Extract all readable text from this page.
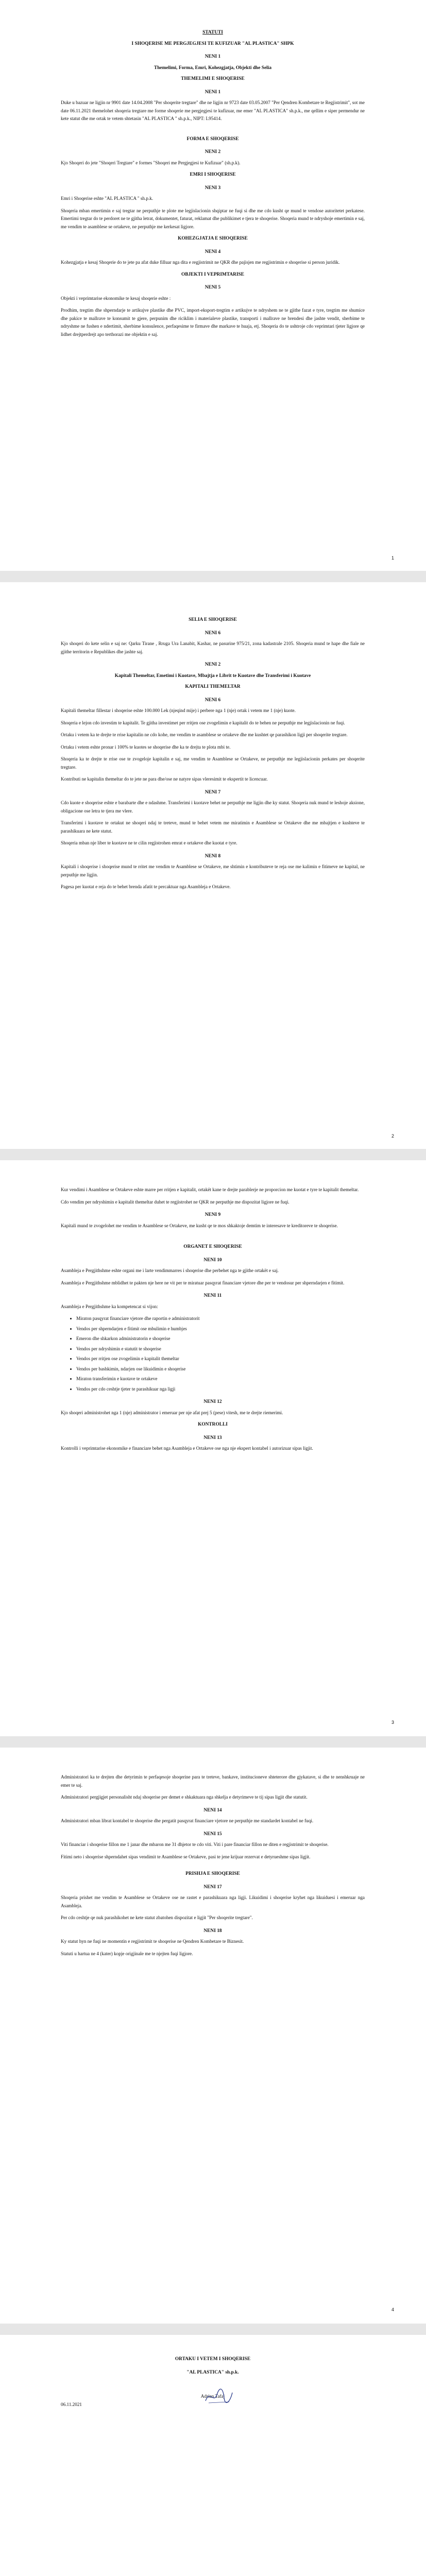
STATUTI
I SHOQERISE ME PERGJEGJESI TE KUFIZUAR "AL PLASTICA" SHPK
NENI 1
Themelimi, Forma, Emri, Kohezgjatja, Objekti dhe Selia
THEMELIMI E SHOQERISE
NENI 1

Duke u bazuar ne ligjin nr 9901 date 14.04.2008 "Per shoqerite tregtare" dhe ne ligjin nr 9723 date 03.05.2007 "Per Qendren Kombetare te Regjistrimit", sot me date 06.11.2021 themelohet shoqeria tregtare me forme shoqerie me pergjegjesi te kufizuar, me emer "AL PLASTICA" sh.p.k., me qellim e siper permendur ne kete statut dhe me ortak te vetem shtetasin "AL PLASTICA " sh.p.k., NIPT: L95414.

FORMA E SHOQERISE
NENI 2

Kjo Shoqeri do jete "Shoqeri Tregtare" e formes "Shoqeri me Pergjegjesi te Kufizuar" (sh.p.k).

EMRI I SHOQERISE
NENI 3

Emri i Shoqerise eshte "AL PLASTICA " sh.p.k.

Shoqeria mban emertimin e saj tregtar ne perputhje te plote me legjislacionin shqiptar ne fuqi si dhe me cdo kusht qe mund te vendose autoritetet perkatese. Emertimi tregtar do te perdoret ne te gjitha letrat, dokumentet, faturat, reklamat dhe publikimet e tjera te shoqerise. Shoqeria mund te ndryshoje emertimin e saj, me vendim te asamblese se ortakeve, ne perputhje me kerkesat ligjore.

KOHEZGJATJA E SHOQERISE
NENI 4

Kohezgjatja e kesaj Shoqerie do te jete pa afat duke filluar nga dita e regjistrimit ne QKR dhe pajisjen me regjistrimin e shoqerise si person juridik.

OBJEKTI I VEPRIMTARISE
NENI 5

Objekti i veprimtarise ekonomike te kesaj shoqerie eshte :

Prodhim, tregtim dhe shperndarje te artikujve plastike dhe PVC, import-eksport-tregtim e artikujve te ndryshem ne te gjithe fazat e tyre, tregtim me shumice dhe pakice te mallrave te konsumit te gjere, perpunim dhe riciklim i materialeve plastike, transporti i mallrave ne brendesi dhe jashte vendit, sherbime te ndryshme ne fushen e ndertimit, sherbime konsulence, perfaqesime te firmave dhe markave te huaja, etj. Shoqeria do te ushtroje cdo veprimtari tjeter ligjore qe lidhet drejtperdrejt apo terthorazi me objektin e saj.

1
SELIA E SHOQERISE
NENI 6

Kjo shoqeri do kete selin e saj ne: Qarku Tirane , Rruga Ura Lanabit, Kashar, ne pasurine 975/21, zona kadastrale 2105. Shoqeria mund te hape dhe fiale ne gjithe territorin e Republikes dhe jashte saj.

NENI 2
Kapitali Themeltar, Emetimi i Kuotave, Mbajtja e Librit te Kuotave dhe Transferimi i Kuotave
KAPITALI THEMELTAR
NENI 6

Kapitali themeltar fillestar i shoqerise eshte 100.000 Lek (njeqind mije) i perbere nga 1 (nje) ortak i vetem me 1 (nje) kuote.

Shoqeria e lejon cdo investim te kapitalit. Te gjitha investimet per rritjen ose zvogelimin e kapitalit do te behen ne perputhje me legjislacionin ne fuqi.

Ortaku i vetem ka te drejte te rrise kapitalin ne cdo kohe, me vendim te asamblese se ortakeve dhe me kushtet qe parashikon ligji per shoqerite tregtare.

Ortaku i vetem eshte pronar i 100% te kuotes se shoqerise dhe ka te drejta te plota mbi te.

Shoqeria ka te drejte te rrise ose te zvogeloje kapitalin e saj, me vendim te Asamblese se Ortakeve, ne perputhje me legjislacionin perkates per shoqerite tregtare.

Kontributi ne kapitalin themeltar do te jete ne para dhe/ose ne natyre sipas vleresimit te ekspertit te licencuar.

NENI 7

Cdo kuote e shoqerise eshte e barabarte dhe e ndashme. Transferimi i kuotave behet ne perputhje me ligjin dhe ky statut. Shoqeria nuk mund te leshoje aksione, obligacione ose letra te tjera me vlere.

Transferimi i kuotave te ortakut ne shoqeri ndaj te treteve, mund te behet vetem me miratimin e Asamblese se Ortakeve dhe me mbajtjen e kushteve te parashikuara ne kete statut.

Shoqeria mban nje liber te kuotave ne te cilin regjistrohen emrat e ortakeve dhe kuotat e tyre.

NENI 8

Kapitali i shoqerise i shoqerise mund te rritet me vendim te Asamblese se Ortakeve, me shtimin e kontributeve te reja ose me kalimin e fitimeve ne kapital, ne perputhje me ligjin.

Pagesa per kuotat e reja do te behet brenda afatit te percaktuar nga Asambleja e Ortakeve.

2

Kur vendimi i Asamblese se Ortakeve eshte marre per rritjen e kapitalit, ortakët kane te drejte parablerje ne proporcion me kuotat e tyre te kapitalit themeltar.

Cdo vendim per ndryshimin e kapitalit themeltar duhet te regjistrohet ne QKR ne perputhje me dispozitat ligjore ne fuqi.

NENI 9

Kapitali mund te zvogelohet me vendim te Asamblese se Ortakeve, me kusht qe te mos shkaktoje demtim te interesave te kreditoreve te shoqerise.

ORGANET E SHOQERISE
NENI 10

Asambleja e Pergjithshme eshte organi me i larte vendimmarres i shoqerise dhe perbehet nga te gjithe ortakët e saj.

Asambleja e Pergjithshme mblidhet te pakten nje here ne vit per te miratuar pasqyrat financiare vjetore dhe per te vendosur per shperndarjen e fitimit.

NENI 11

Asambleja e Pergjithshme ka kompetencat si vijon:

• Miraton pasqyrat financiare vjetore dhe raportin e administratorit
• Vendos per shperndarjen e fitimit ose mbulimin e humbjes
• Emeron dhe shkarkon administratorin e shoqerise
• Vendos per ndryshimin e statutit te shoqerise
• Vendos per rritjen ose zvogelimin e kapitalit themeltar
• Vendos per bashkimin, ndarjen ose likuidimin e shoqerise
• Miraton transferimin e kuotave te ortakeve
• Vendos per cdo ceshtje tjeter te parashikuar nga ligji
NENI 12

Kjo shoqeri administrohet nga 1 (nje) administrator i emeruar per nje afat prej 5 (pese) vitesh, me te drejte riemerimi.

KONTROLLI
NENI 13

Kontrolli i veprimtarise ekonomike e financiare behet nga Asambleja e Ortakeve ose nga nje ekspert kontabel i autorizuar sipas ligjit.

3

Administratori ka te drejten dhe detyrimin te perfaqesoje shoqerine para te treteve, bankave, institucioneve shteterore dhe gjykatave, si dhe te nenshkruaje ne emer te saj.

Administratori pergjigjet personalisht ndaj shoqerise per demet e shkaktuara nga shkelja e detyrimeve te tij sipas ligjit dhe statutit.

NENI 14

Administratori mban librat kontabel te shoqerise dhe pergatit pasqyrat financiare vjetore ne perputhje me standardet kontabel ne fuqi.

NENI 15

Viti financiar i shoqerise fillon me 1 janar dhe mbaron me 31 dhjetor te cdo viti. Viti i pare financiar fillon ne diten e regjistrimit te shoqerise.

Fitimi neto i shoqerise shperndahet sipas vendimit te Asamblese se Ortakeve, pasi te jene krijuar rezervat e detyrueshme sipas ligjit.

PRISHJA E SHOQERISE
NENI 17

Shoqeria prishet me vendim te Asamblese se Ortakeve ose ne rastet e parashikuara nga ligji. Likuidimi i shoqerise kryhet nga likuiduesi i emeruar nga Asambleja.

Per cdo ceshtje qe nuk parashikohet ne kete statut zbatohen dispozitat e ligjit "Per shoqerite tregtare".

NENI 18

Ky statut hyn ne fuqi ne momentin e regjistrimit te shoqerise ne Qendren Kombetare te Biznesit.

Statuti u hartua ne 4 (kater) kopje origjinale me te njejten fuqi ligjore.

4
ORTAKU I VETEM I SHOQERISE
"AL PLASTICA" sh.p.k.
Adrian Tafaj
06.11.2021
